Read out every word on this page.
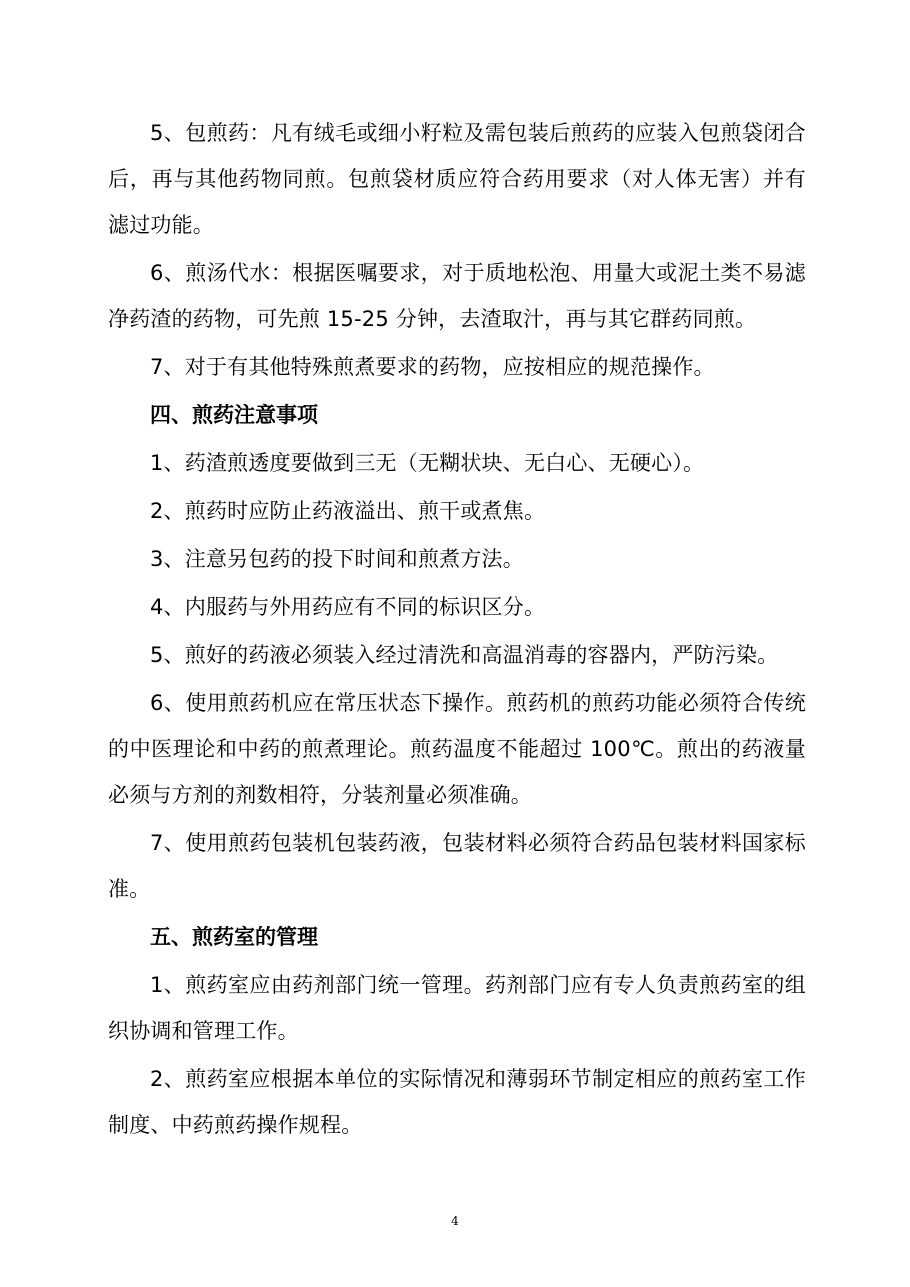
5、包煎药：凡有绒毛或细小籽粒及需包装后煎药的应装入包煎袋闭合后，再与其他药物同煎。包煎袋材质应符合药用要求（对人体无害）并有滤过功能。

6、煎汤代水：根据医嘱要求，对于质地松泡、用量大或泥土类不易滤净药渣的药物，可先煎 15-25 分钟，去渣取汁，再与其它群药同煎。

7、对于有其他特殊煎煮要求的药物，应按相应的规范操作。

四、煎药注意事项

1、药渣煎透度要做到三无（无糊状块、无白心、无硬心）。

2、煎药时应防止药液溢出、煎干或煮焦。

3、注意另包药的投下时间和煎煮方法。

4、内服药与外用药应有不同的标识区分。

5、煎好的药液必须装入经过清洗和高温消毒的容器内，严防污染。

6、使用煎药机应在常压状态下操作。煎药机的煎药功能必须符合传统的中医理论和中药的煎煮理论。煎药温度不能超过 100℃。煎出的药液量必须与方剂的剂数相符，分装剂量必须准确。

7、使用煎药包装机包装药液，包装材料必须符合药品包装材料国家标准。

五、煎药室的管理

1、煎药室应由药剂部门统一管理。药剂部门应有专人负责煎药室的组织协调和管理工作。

2、煎药室应根据本单位的实际情况和薄弱环节制定相应的煎药室工作制度、中药煎药操作规程。

4
